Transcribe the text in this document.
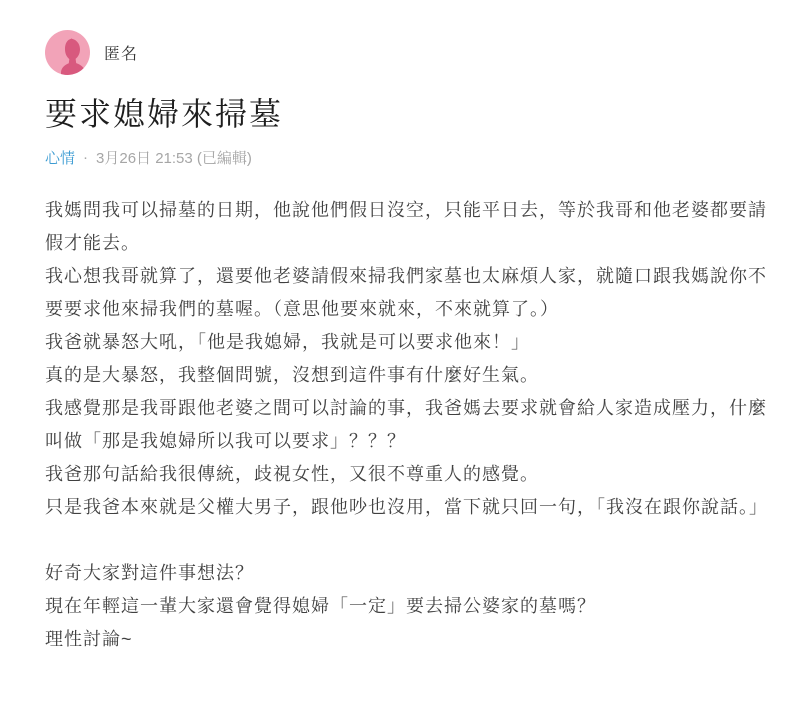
匿名
要求媳婦來掃墓
心情 · 3月26日 21:53 (已編輯)
我媽問我可以掃墓的日期，他說他們假日沒空，只能平日去，等於我哥和他老婆都要請假才能去。
我心想我哥就算了，還要他老婆請假來掃我們家墓也太麻煩人家，就隨口跟我媽說你不要要求他來掃我們的墓喔。（意思他要來就來，不來就算了。）
我爸就暴怒大吼，「他是我媳婦，我就是可以要求他來！」
真的是大暴怒，我整個問號，沒想到這件事有什麼好生氣。
我感覺那是我哥跟他老婆之間可以討論的事，我爸媽去要求就會給人家造成壓力，什麼叫做「那是我媳婦所以我可以要求」？？？
我爸那句話給我很傳統，歧視女性，又很不尊重人的感覺。
只是我爸本來就是父權大男子，跟他吵也沒用，當下就只回一句，「我沒在跟你說話。」

好奇大家對這件事想法？
現在年輕這一輩大家還會覺得媳婦「一定」要去掃公婆家的墓嗎？
理性討論~
